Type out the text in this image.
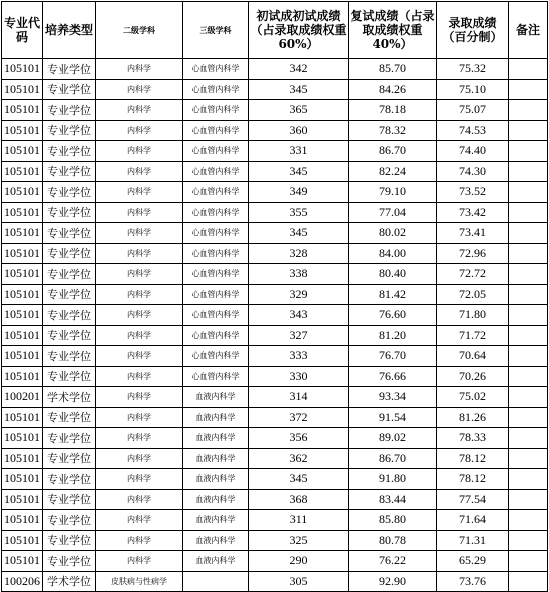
专业代码	培养类型	二级学科	三级学科	初试成初试成绩（占录取成绩权重60%）	复试成绩（占录取成绩权重40%）	录取成绩 （百分制）	备注
105101	专业学位	内科学	心血管内科学	342	85.70	75.32	
105101	专业学位	内科学	心血管内科学	345	84.26	75.10	
105101	专业学位	内科学	心血管内科学	365	78.18	75.07	
105101	专业学位	内科学	心血管内科学	360	78.32	74.53	
105101	专业学位	内科学	心血管内科学	331	86.70	74.40	
105101	专业学位	内科学	心血管内科学	345	82.24	74.30	
105101	专业学位	内科学	心血管内科学	349	79.10	73.52	
105101	专业学位	内科学	心血管内科学	355	77.04	73.42	
105101	专业学位	内科学	心血管内科学	345	80.02	73.41	
105101	专业学位	内科学	心血管内科学	328	84.00	72.96	
105101	专业学位	内科学	心血管内科学	338	80.40	72.72	
105101	专业学位	内科学	心血管内科学	329	81.42	72.05	
105101	专业学位	内科学	心血管内科学	343	76.60	71.80	
105101	专业学位	内科学	心血管内科学	327	81.20	71.72	
105101	专业学位	内科学	心血管内科学	333	76.70	70.64	
105101	专业学位	内科学	心血管内科学	330	76.66	70.26	
100201	学术学位	内科学	血液内科学	314	93.34	75.02	
105101	专业学位	内科学	血液内科学	372	91.54	81.26	
105101	专业学位	内科学	血液内科学	356	89.02	78.33	
105101	专业学位	内科学	血液内科学	362	86.70	78.12	
105101	专业学位	内科学	血液内科学	345	91.80	78.12	
105101	专业学位	内科学	血液内科学	368	83.44	77.54	
105101	专业学位	内科学	血液内科学	311	85.80	71.64	
105101	专业学位	内科学	血液内科学	325	80.78	71.31	
105101	专业学位	内科学	血液内科学	290	76.22	65.29	
100206	学术学位	皮肤病与性病学		305	92.90	73.76	
